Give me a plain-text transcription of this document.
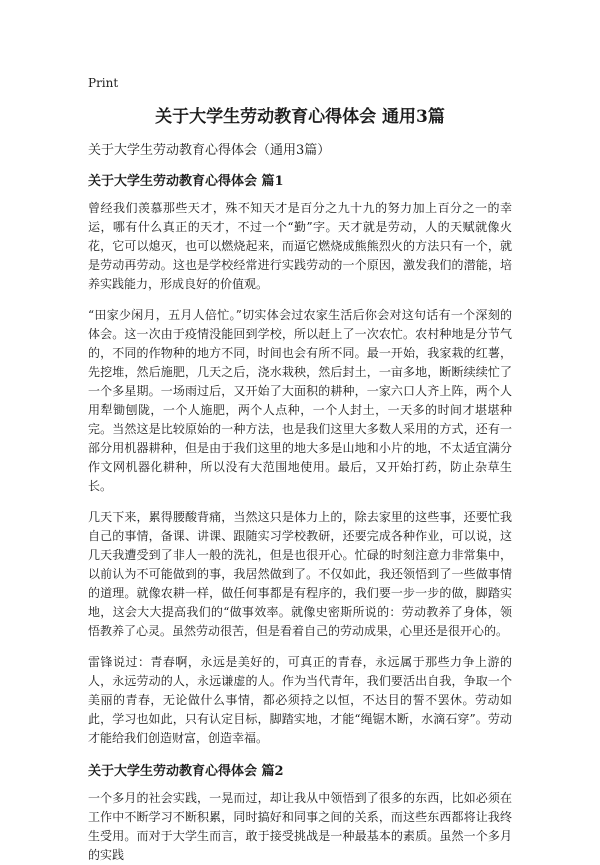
Print
关于大学生劳动教育心得体会 通用3篇

关于大学生劳动教育心得体会（通用3篇）

关于大学生劳动教育心得体会 篇1

曾经我们羡慕那些天才，殊不知天才是百分之九十九的努力加上百分之一的幸运，哪有什么真正的天才，不过一个“勤”字。天才就是劳动，人的天赋就像火花，它可以熄灭，也可以燃烧起来，而逼它燃烧成熊熊烈火的方法只有一个，就是劳动再劳动。这也是学校经常进行实践劳动的一个原因，激发我们的潜能，培养实践能力，形成良好的价值观。

“田家少闲月，五月人倍忙。”切实体会过农家生活后你会对这句话有一个深刻的体会。这一次由于疫情没能回到学校，所以赶上了一次农忙。农村种地是分节气的，不同的作物种的地方不同，时间也会有所不同。最一开始，我家栽的红薯，先挖堆，然后施肥，几天之后，浇水栽秧，然后封土，一亩多地，断断续续忙了一个多星期。一场雨过后，又开始了大面积的耕种，一家六口人齐上阵，两个人用犁锄刨陇，一个人施肥，两个人点种，一个人封土，一天多的时间才堪堪种完。当然这是比较原始的一种方法，也是我们这里大多数人采用的方式，还有一部分用机器耕种，但是由于我们这里的地大多是山地和小片的地，不太适宜满分作文网机器化耕种，所以没有大范围地使用。最后，又开始打药，防止杂草生长。

几天下来，累得腰酸背痛，当然这只是体力上的，除去家里的这些事，还要忙我自己的事情，备课、讲课、跟随实习学校教研，还要完成各种作业，可以说，这几天我遭受到了非人一般的洗礼，但是也很开心。忙碌的时刻注意力非常集中，以前认为不可能做到的事，我居然做到了。不仅如此，我还领悟到了一些做事情的道理。就像农耕一样，做任何事都是有程序的，我们要一步一步的做，脚踏实地，这会大大提高我们的“做事效率。就像史密斯所说的：劳动教养了身体，领悟教养了心灵。虽然劳动很苦，但是看着自己的劳动成果，心里还是很开心的。

雷锋说过：青春啊，永远是美好的，可真正的青春，永远属于那些力争上游的人，永远劳动的人，永远谦虚的人。作为当代青年，我们要活出自我，争取一个美丽的青春，无论做什么事情，都必须持之以恒，不达目的誓不罢休。劳动如此，学习也如此，只有认定目标，脚踏实地，才能“绳锯木断，水滴石穿”。劳动才能给我们创造财富，创造幸福。

关于大学生劳动教育心得体会 篇2

一个多月的社会实践，一晃而过，却让我从中领悟到了很多的东西，比如必须在工作中不断学习不断积累，同时搞好和同事之间的关系，而这些东西都将让我终生受用。而对于大学生而言，敢于接受挑战是一种最基本的素质。虽然一个多月的实践
